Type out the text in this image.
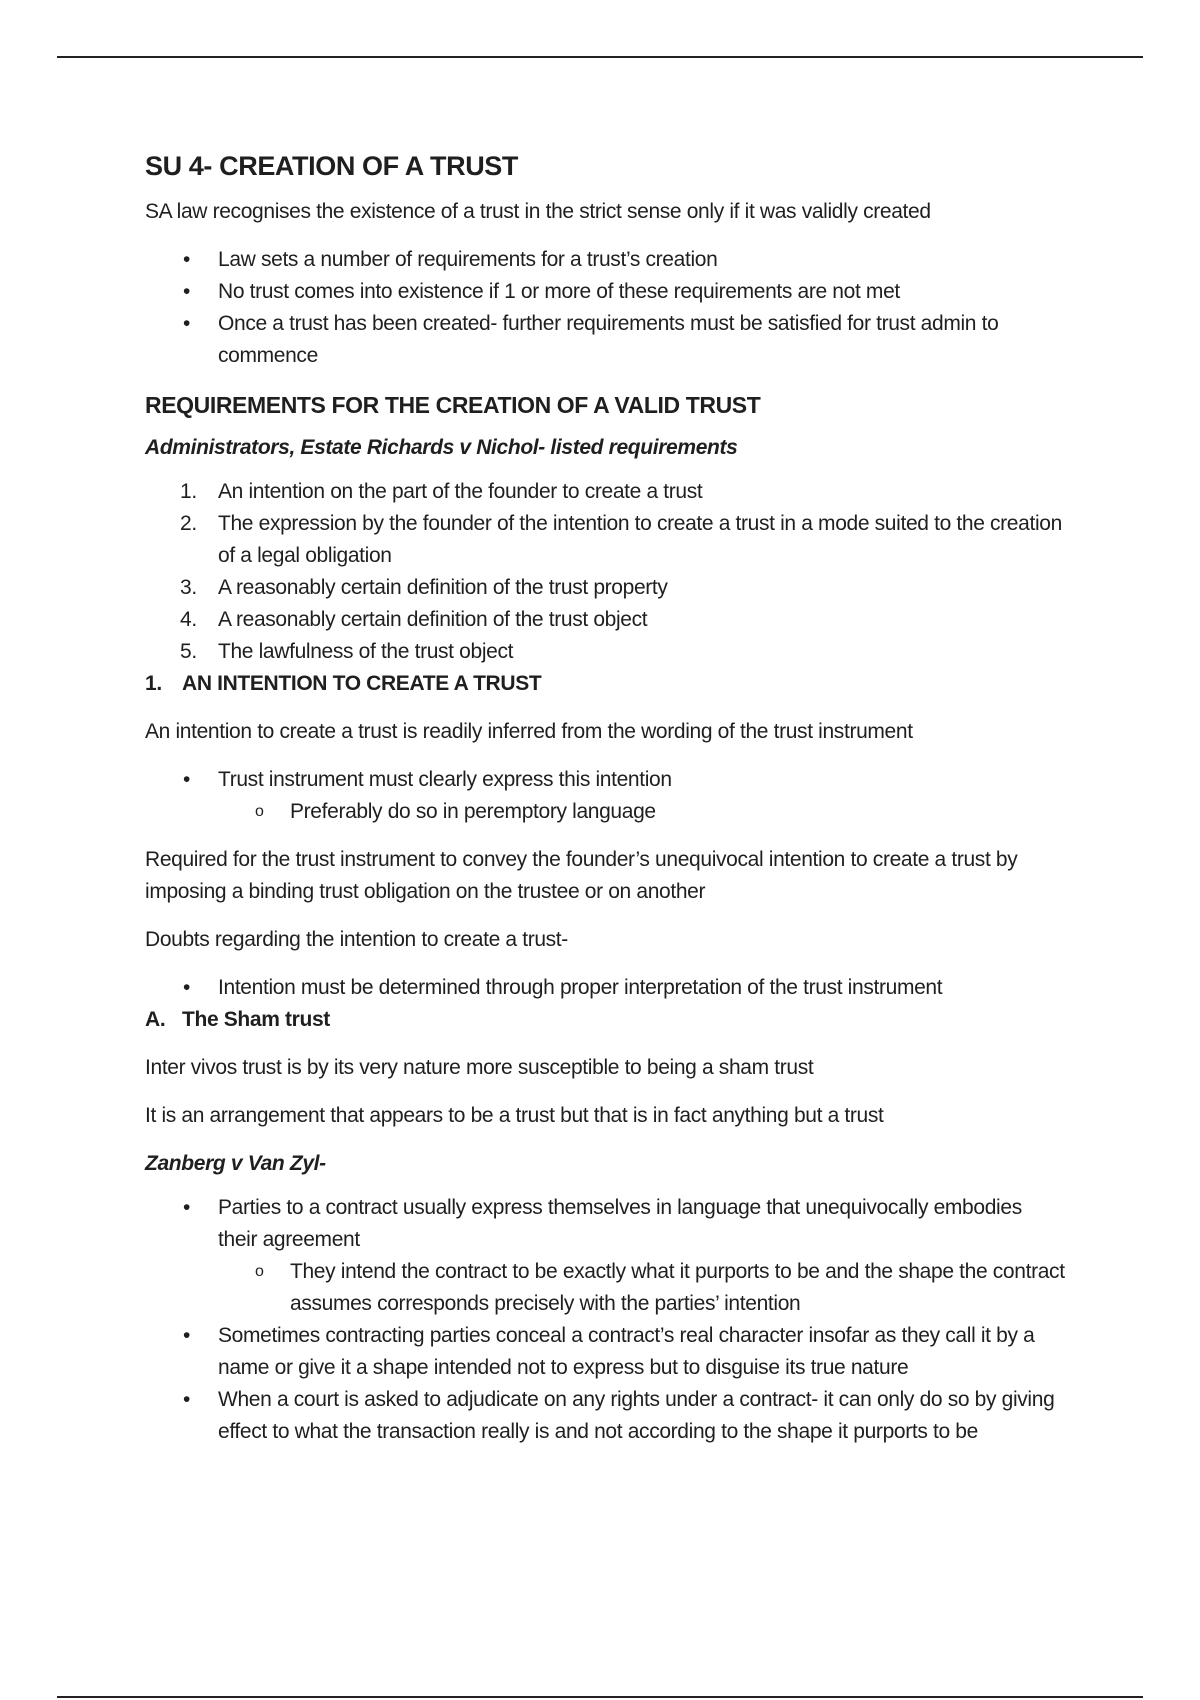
SU 4- CREATION OF A TRUST
SA law recognises the existence of a trust in the strict sense only if it was validly created
• Law sets a number of requirements for a trust’s creation
• No trust comes into existence if 1 or more of these requirements are not met
• Once a trust has been created- further requirements must be satisfied for trust admin to commence
REQUIREMENTS FOR THE CREATION OF A VALID TRUST
Administrators, Estate Richards v Nichol- listed requirements
1. An intention on the part of the founder to create a trust
2. The expression by the founder of the intention to create a trust in a mode suited to the creation of a legal obligation
3. A reasonably certain definition of the trust property
4. A reasonably certain definition of the trust object
5. The lawfulness of the trust object
1. AN INTENTION TO CREATE A TRUST
An intention to create a trust is readily inferred from the wording of the trust instrument
• Trust instrument must clearly express this intention
o Preferably do so in peremptory language
Required for the trust instrument to convey the founder’s unequivocal intention to create a trust by imposing a binding trust obligation on the trustee or on another
Doubts regarding the intention to create a trust-
• Intention must be determined through proper interpretation of the trust instrument
A. The Sham trust
Inter vivos trust is by its very nature more susceptible to being a sham trust
It is an arrangement that appears to be a trust but that is in fact anything but a trust
Zanberg v Van Zyl-
• Parties to a contract usually express themselves in language that unequivocally embodies their agreement
o They intend the contract to be exactly what it purports to be and the shape the contract assumes corresponds precisely with the parties’ intention
• Sometimes contracting parties conceal a contract’s real character insofar as they call it by a name or give it a shape intended not to express but to disguise its true nature
• When a court is asked to adjudicate on any rights under a contract- it can only do so by giving effect to what the transaction really is and not according to the shape it purports to be
